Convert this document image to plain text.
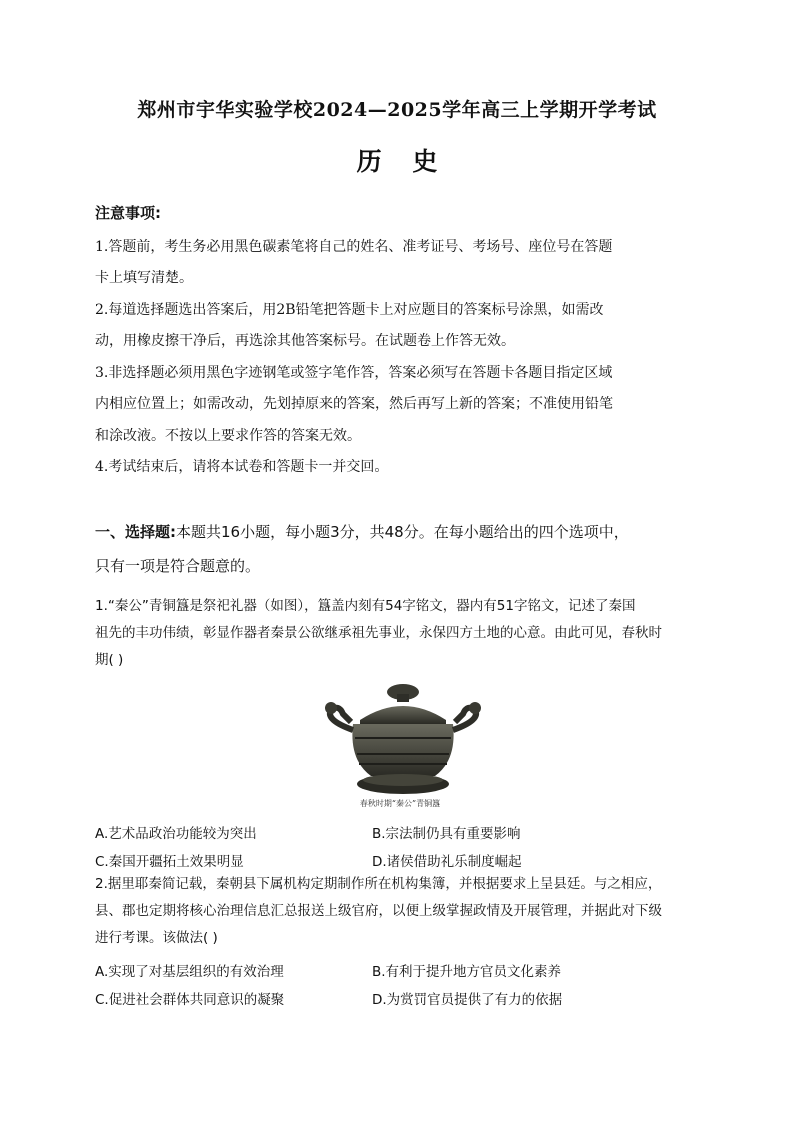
郑州市宇华实验学校2024—2025学年高三上学期开学考试
历 史
注意事项:
1.答题前，考生务必用黑色碳素笔将自己的姓名、准考证号、考场号、座位号在答题
卡上填写清楚。
2.每道选择题选出答案后，用2B铅笔把答题卡上对应题目的答案标号涂黑，如需改
动，用橡皮擦干净后，再选涂其他答案标号。在试题卷上作答无效。
3.非选择题必须用黑色字迹钢笔或签字笔作答，答案必须写在答题卡各题目指定区域
内相应位置上；如需改动，先划掉原来的答案，然后再写上新的答案；不准使用铅笔
和涂改液。不按以上要求作答的答案无效。
4.考试结束后，请将本试卷和答题卡一并交回。
一、选择题:本题共16小题，每小题3分，共48分。在每小题给出的四个选项中，
只有一项是符合题意的。
1.“秦公”青铜簋是祭祀礼器（如图），簋盖内刻有54字铭文，器内有51字铭文，记述了秦国
祖先的丰功伟绩，彰显作器者秦景公欲继承祖先事业，永保四方土地的心意。由此可见，春秋时
期( )
春秋时期“秦公”青铜簋
A.艺术品政治功能较为突出	B.宗法制仍具有重要影响
C.秦国开疆拓土效果明显	D.诸侯借助礼乐制度崛起
2.据里耶秦简记载，秦朝县下属机构定期制作所在机构集簿，并根据要求上呈县廷。与之相应，
县、郡也定期将核心治理信息汇总报送上级官府，以便上级掌握政情及开展管理，并据此对下级
进行考课。该做法( )
A.实现了对基层组织的有效治理	B.有利于提升地方官员文化素养
C.促进社会群体共同意识的凝聚	D.为赏罚官员提供了有力的依据
